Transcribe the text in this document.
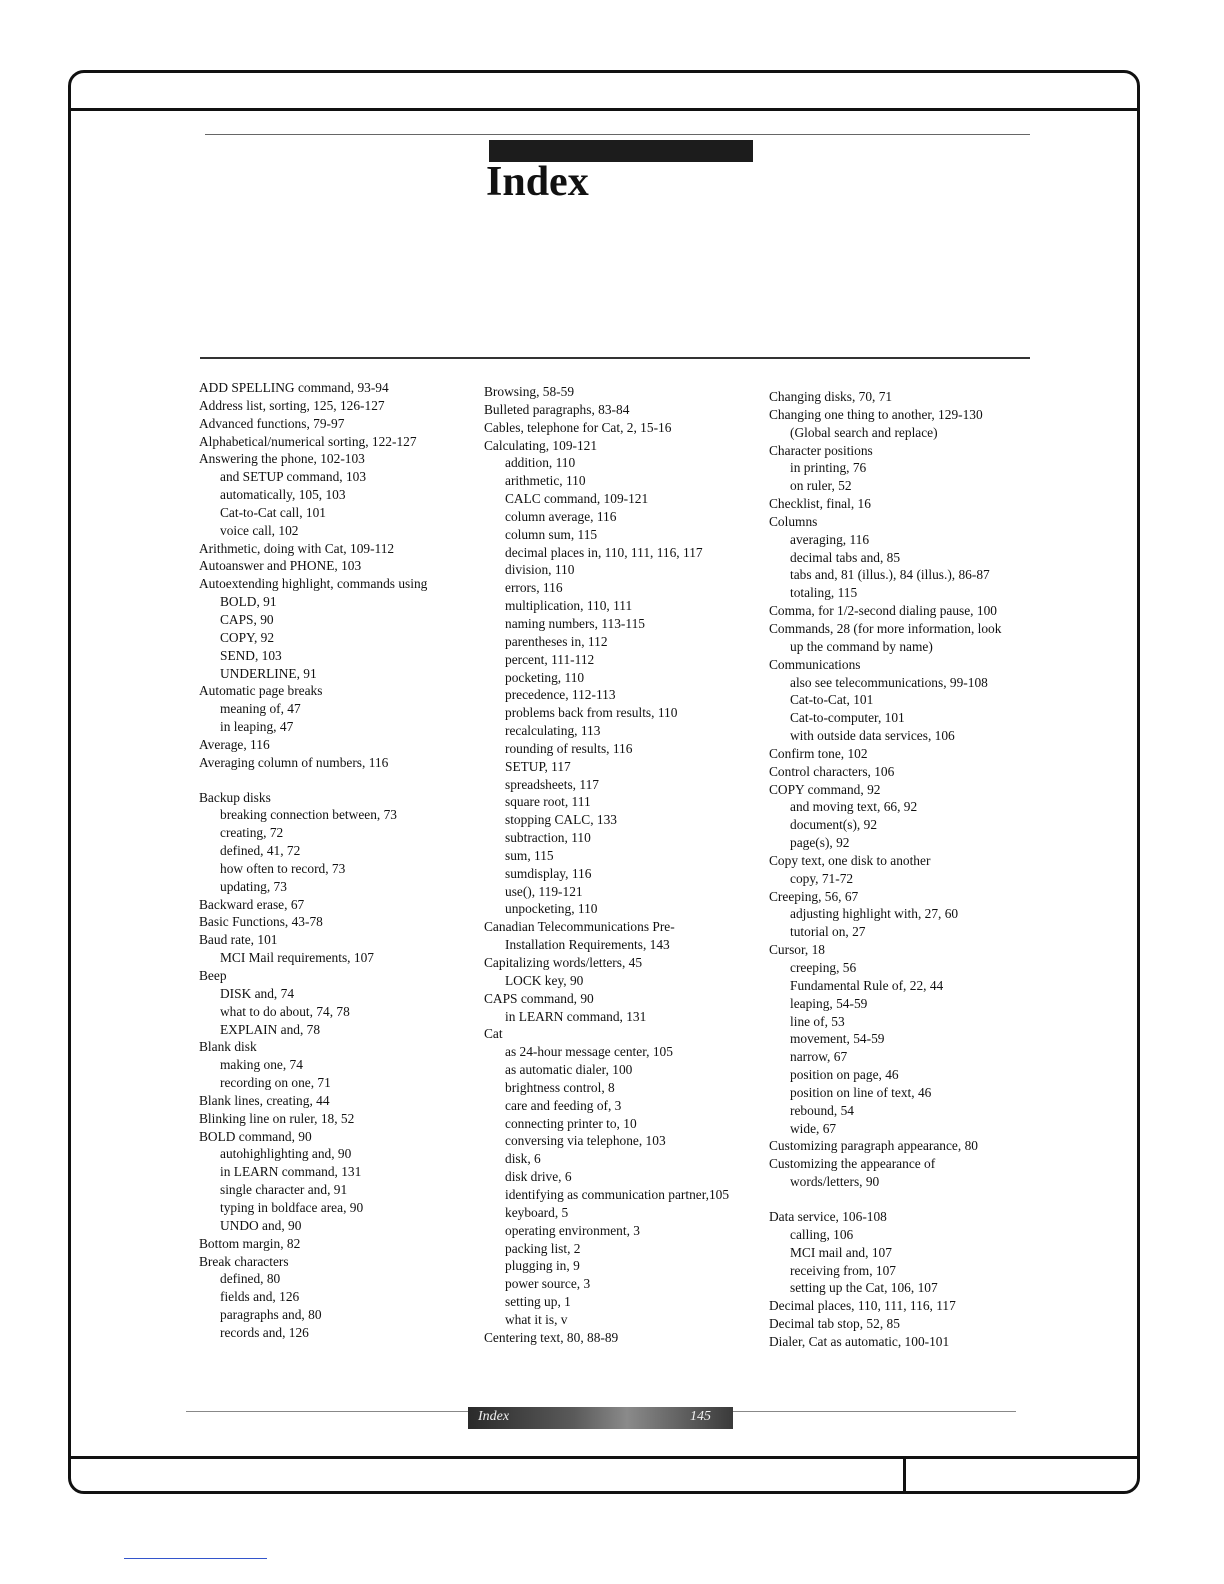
Index
ADD SPELLING command, 93-94
Address list, sorting, 125, 126-127
Advanced functions, 79-97
Alphabetical/numerical sorting, 122-127
Answering the phone, 102-103
and SETUP command, 103
automatically, 105, 103
Cat-to-Cat call, 101
voice call, 102
Arithmetic, doing with Cat, 109-112
Autoanswer and PHONE, 103
Autoextending highlight, commands using
BOLD, 91
CAPS, 90
COPY, 92
SEND, 103
UNDERLINE, 91
Automatic page breaks
meaning of, 47
in leaping, 47
Average, 116
Averaging column of numbers, 116
Backup disks
breaking connection between, 73
creating, 72
defined, 41, 72
how often to record, 73
updating, 73
Backward erase, 67
Basic Functions, 43-78
Baud rate, 101
MCI Mail requirements, 107
Beep
DISK and, 74
what to do about, 74, 78
EXPLAIN and, 78
Blank disk
making one, 74
recording on one, 71
Blank lines, creating, 44
Blinking line on ruler, 18, 52
BOLD command, 90
autohighlighting and, 90
in LEARN command, 131
single character and, 91
typing in boldface area, 90
UNDO and, 90
Bottom margin, 82
Break characters
defined, 80
fields and, 126
paragraphs and, 80
records and, 126
Browsing, 58-59
Bulleted paragraphs, 83-84
Cables, telephone for Cat, 2, 15-16
Calculating, 109-121
addition, 110
arithmetic, 110
CALC command, 109-121
column average, 116
column sum, 115
decimal places in, 110, 111, 116, 117
division, 110
errors, 116
multiplication, 110, 111
naming numbers, 113-115
parentheses in, 112
percent, 111-112
pocketing, 110
precedence, 112-113
problems back from results, 110
recalculating, 113
rounding of results, 116
SETUP, 117
spreadsheets, 117
square root, 111
stopping CALC, 133
subtraction, 110
sum, 115
sumdisplay, 116
use(), 119-121
unpocketing, 110
Canadian Telecommunications Pre-
Installation Requirements, 143
Capitalizing words/letters, 45
LOCK key, 90
CAPS command, 90
in LEARN command, 131
Cat
as 24-hour message center, 105
as automatic dialer, 100
brightness control, 8
care and feeding of, 3
connecting printer to, 10
conversing via telephone, 103
disk, 6
disk drive, 6
identifying as communication partner,105
keyboard, 5
operating environment, 3
packing list, 2
plugging in, 9
power source, 3
setting up, 1
what it is, v
Centering text, 80, 88-89
Changing disks, 70, 71
Changing one thing to another, 129-130
(Global search and replace)
Character positions
in printing, 76
on ruler, 52
Checklist, final, 16
Columns
averaging, 116
decimal tabs and, 85
tabs and, 81 (illus.), 84 (illus.), 86-87
totaling, 115
Comma, for 1/2-second dialing pause, 100
Commands, 28 (for more information, look
up the command by name)
Communications
also see telecommunications, 99-108
Cat-to-Cat, 101
Cat-to-computer, 101
with outside data services, 106
Confirm tone, 102
Control characters, 106
COPY command, 92
and moving text, 66, 92
document(s), 92
page(s), 92
Copy text, one disk to another
copy, 71-72
Creeping, 56, 67
adjusting highlight with, 27, 60
tutorial on, 27
Cursor, 18
creeping, 56
Fundamental Rule of, 22, 44
leaping, 54-59
line of, 53
movement, 54-59
narrow, 67
position on page, 46
position on line of text, 46
rebound, 54
wide, 67
Customizing paragraph appearance, 80
Customizing the appearance of
words/letters, 90
Data service, 106-108
calling, 106
MCI mail and, 107
receiving from, 107
setting up the Cat, 106, 107
Decimal places, 110, 111, 116, 117
Decimal tab stop, 52, 85
Dialer, Cat as automatic, 100-101
Index	145
